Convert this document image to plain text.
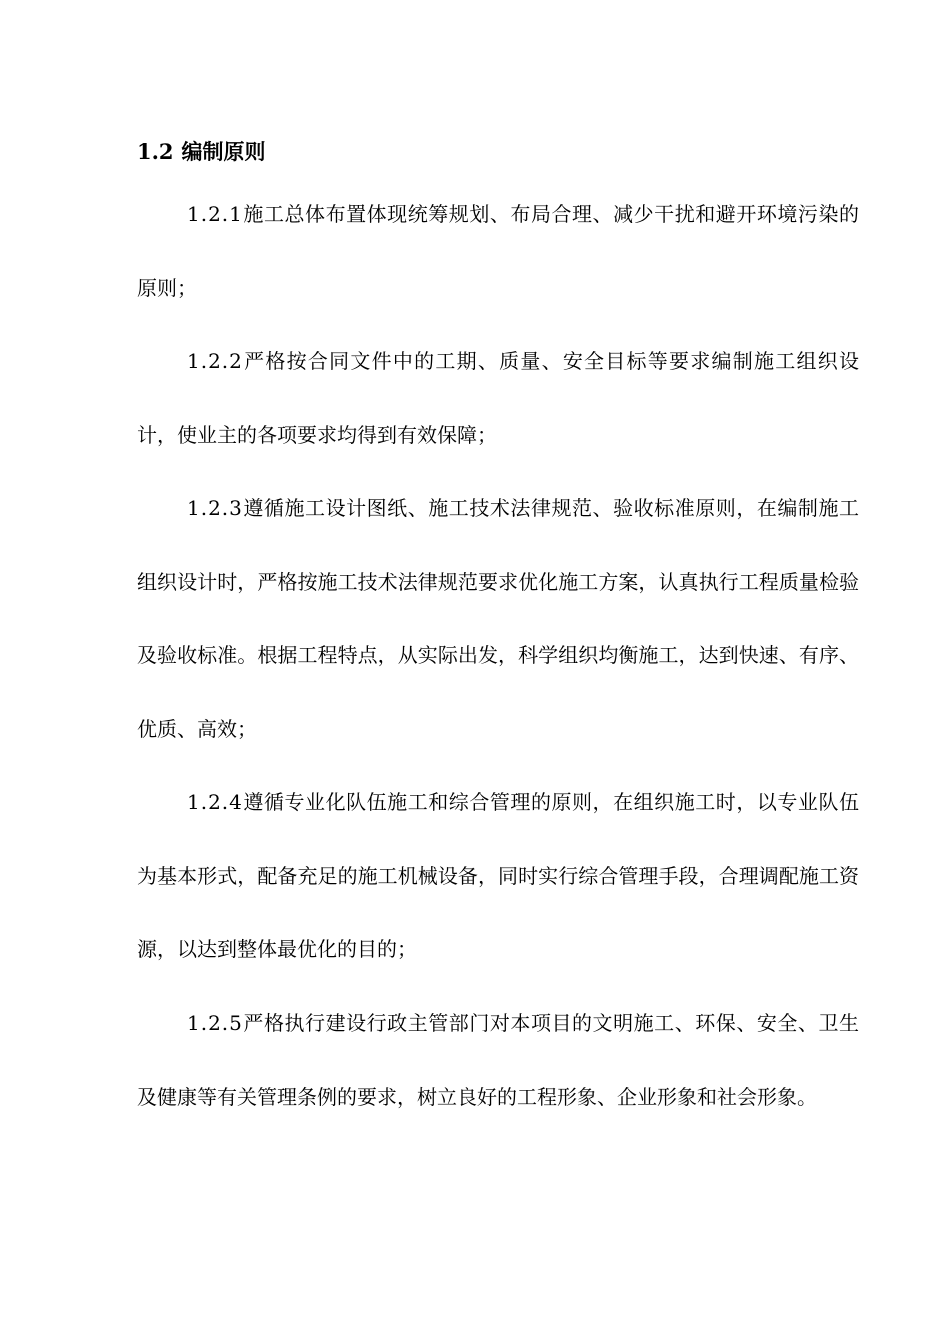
1.2 编制原则

1.2.1施工总体布置体现统筹规划、布局合理、减少干扰和避开环境污染的原则；

1.2.2严格按合同文件中的工期、质量、安全目标等要求编制施工组织设计，使业主的各项要求均得到有效保障；

1.2.3遵循施工设计图纸、施工技术法律规范、验收标准原则，在编制施工组织设计时，严格按施工技术法律规范要求优化施工方案，认真执行工程质量检验及验收标准。根据工程特点，从实际出发，科学组织均衡施工，达到快速、有序、优质、高效；

1.2.4遵循专业化队伍施工和综合管理的原则，在组织施工时，以专业队伍为基本形式，配备充足的施工机械设备，同时实行综合管理手段，合理调配施工资源，以达到整体最优化的目的；

1.2.5严格执行建设行政主管部门对本项目的文明施工、环保、安全、卫生及健康等有关管理条例的要求，树立良好的工程形象、企业形象和社会形象。
